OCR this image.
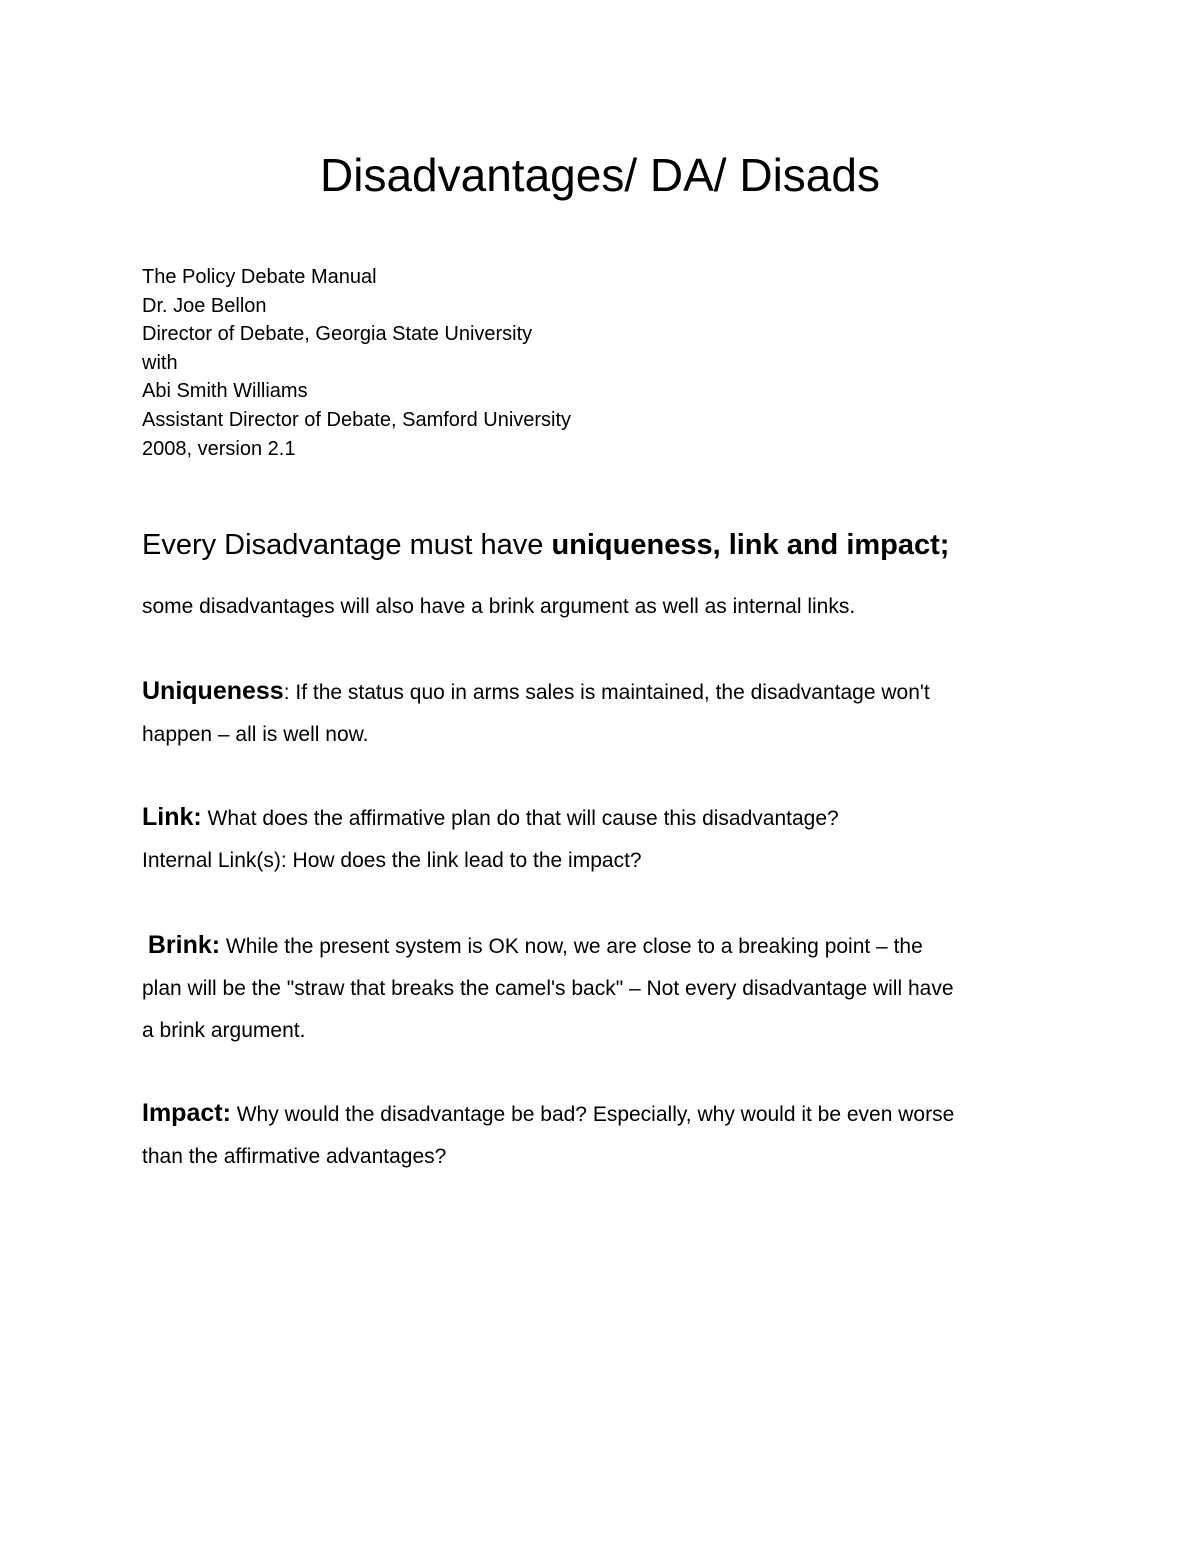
Disadvantages/ DA/ Disads
The Policy Debate Manual
Dr. Joe Bellon
Director of Debate, Georgia State University
with
Abi Smith Williams
Assistant Director of Debate, Samford University
2008, version 2.1
Every Disadvantage must have uniqueness, link and impact;
some disadvantages will also have a brink argument as well as internal links.
Uniqueness: If the status quo in arms sales is maintained, the disadvantage won't
happen – all is well now.
Link: What does the affirmative plan do that will cause this disadvantage?
Internal Link(s): How does the link lead to the impact?
Brink: While the present system is OK now, we are close to a breaking point – the
plan will be the "straw that breaks the camel's back" – Not every disadvantage will have
a brink argument.
Impact: Why would the disadvantage be bad? Especially, why would it be even worse
than the affirmative advantages?
